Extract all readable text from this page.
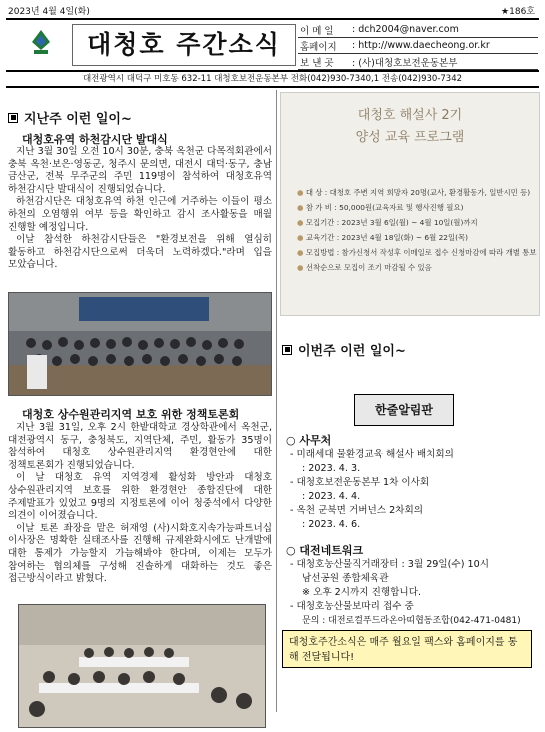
2023년 4월 4일(화)	★186호
대청호 주간소식	이 메 일	: dch2004@naver.com
홈페이지	: http://www.daecheong.or.kr
보 낸 곳	: (사)대청호보전운동본부
대전광역시 대덕구 미호동 632-11 대청호보전운동본부 전화(042)930-7340,1 전송(042)930-7342
지난주 이런 일이~
대청호유역 하천감시단 발대식

지난 3월 30일 오전 10시 30분, 충북 옥천군 다목적회관에서 충북 옥천·보은·영동군, 청주시 문의면, 대전시 대덕·동구, 충남 금산군, 전북 무주군의 주민 119명이 참석하여 대청호유역 하천감시단 발대식이 진행되었습니다.

하천감시단은 대청호유역 하천 인근에 거주하는 이들이 평소 하천의 오염행위 여부 등을 확인하고 감시 조사활동을 매월 진행할 예정입니다.

이날 참석한 하천감시단들은 "환경보전을 위해 열심히 활동하고 하천감시단으로써 더욱더 노력하겠다."라며 입을 모았습니다.

대청호 상수원관리지역 보호 위한 정책토론회

지난 3월 31일, 오후 2시 한밭대학교 경상학관에서 옥천군, 대전광역시 동구, 충청북도, 지역단체, 주민, 활동가 35명이 참석하여 대청호 상수원관리지역 환경현안에 대한 정책토론회가 진행되었습니다.

이 날 대청호 유역 지역경제 활성화 방안과 대청호 상수원관리지역 보호를 위한 환경현안 종합진단에 대한 주제발표가 있었고 9명의 지정토론에 이어 청중석에서 다양한 의견이 이어졌습니다.

이날 토론 좌장을 맡은 허재영 (사)시화호지속가능파트너십 이사장은 명확한 실태조사를 진행해 규제완화시에도 난개발에 대한 통제가 가능할지 가늠해봐야 한다며, 이제는 모두가 참여하는 협의체를 구성해 진솔하게 대화하는 것도 좋은 접근방식이라고 밝혔다.

대청호 해설사 2기
양성 교육 프로그램
● 대 상 : 대청호 주변 지역 희망자 20명(교사, 환경활동가, 일반시민 등)
● 참 가 비 : 50,000원(교육자료 및 행사진행 필요)
● 모집기간 : 2023년 3월 6일(월) ~ 4월 10일(월)까지
● 교육기간 : 2023년 4월 18일(화) ~ 6월 22일(목)
● 모집방법 : 참가신청서 작성후 이메일로 접수 신청마감에 따라 개별 통보
● 선착순으로 모집이 조기 마감될 수 있음
이번주 이런 일이~
한줄알림판
○ 사무처
- 미래세대 물환경교육 해설사 배치회의
: 2023. 4. 3.
- 대청호보전운동본부 1차 이사회
: 2023. 4. 4.
- 옥천 군북면 거버넌스 2차회의
: 2023. 4. 6.
○ 대전네트워크
- 대청호농산물직거래장터 : 3월 29일(수) 10시
남선공원 종합체육관
※ 오후 2시까지 진행합니다.
- 대청호농산물보따리 접수 중
문의 : 대전로컬푸드라온아띠협동조합(042-471-0481)
대청호주간소식은 매주 월요일 팩스와 홈페이지를 통해 전달됩니다!
